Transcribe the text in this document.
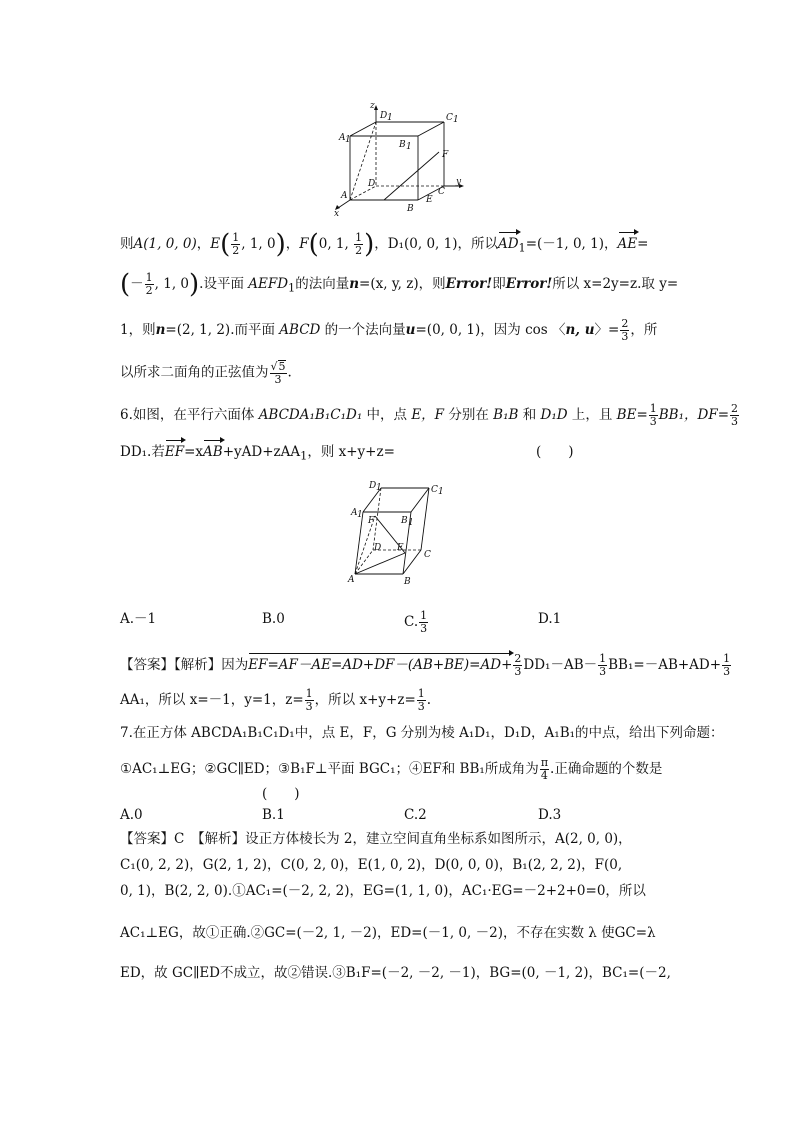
z
D 1	C 1
A 1	B 1
F
D
A
B
E
C
y
x
则A(1, 0, 0)，$E( \frac{1}{2}$ , 1, 0)，F(0, 1, $\frac{1}{2}$ )，D₁(0, 0, 1)，所以$AD_1=(-1$, 0, 1)，AE=
(－ $\frac{1}{2}$ , 1, 0).设平面 $AEFD_1$的法向量n=(x, y, z)，则Error!即Error!所以 x=2y=z.取 y=
1，则n=(2, 1, 2).而平面 ABCD 的一个法向量u=(0, 0, 1)，因为 cos 〈n, u〉= $\frac{2}{3}$ ，所
以所求二面角的正弦值为 $\frac{√5}{3}$ .
6.如图，在平行六面体 ABCDA₁B₁C₁D₁ 中，点 E，F 分别在 B₁B 和 D₁D 上，且 $BE= \frac{1}{3} BB_1$，$DF= \frac{2}{3}$
DD₁.若EF=xAB+yAD+zAA$_1$，则 x+y+z=	(　　)
D 1	C 1
A 1
F	B 1
D E
C
A	B
A.－1	B.0	C. $\frac{1}{3}$	D.1
【答案】【解析】因为$EF=AF-AE=AD+DF-(AB+BE)=AD+ \frac{2}{3} DD_1-AB- \frac{1}{3} BB_1=-AB+AD+ \frac{1}{3}$
AA₁，所以 x=－1，y=1，$z= \frac{1}{3}$ ，所以 $x+y+z= \frac{1}{3}$ .
7.在正方体 ABCDA₁B₁C₁D₁中，点 E，F，G 分别为棱 A₁D₁，D₁D，A₁B₁的中点，给出下列命题：
①AC₁⊥EG；②GC∥ED；③B₁F⊥平面 BGC₁；④EF和 BB₁所成角为 $\frac{\pi}{4}$ .正确命题的个数是
(　　)
A.0	B.1	C.2	D.3
【答案】C　【解析】设正方体棱长为 2，建立空间直角坐标系如图所示，A(2, 0, 0)，
C₁(0, 2, 2)，G(2, 1, 2)，C(0, 2, 0)，E(1, 0, 2)，D(0, 0, 0)，B₁(2, 2, 2)，F(0,
0, 1)，B(2, 2, 0).①AC₁=(－2, 2, 2)，EG=(1, 1, 0)，AC₁·EG=－2+2+0=0，所以
AC₁⊥EG，故①正确.②GC=(－2, 1, －2)，ED=(－1, 0, －2)，不存在实数 λ 使GC=λ
ED，故 GC∥ED不成立，故②错误.③B₁F=(－2, －2, －1)，BG=(0, －1, 2)，BC₁=(－2,
